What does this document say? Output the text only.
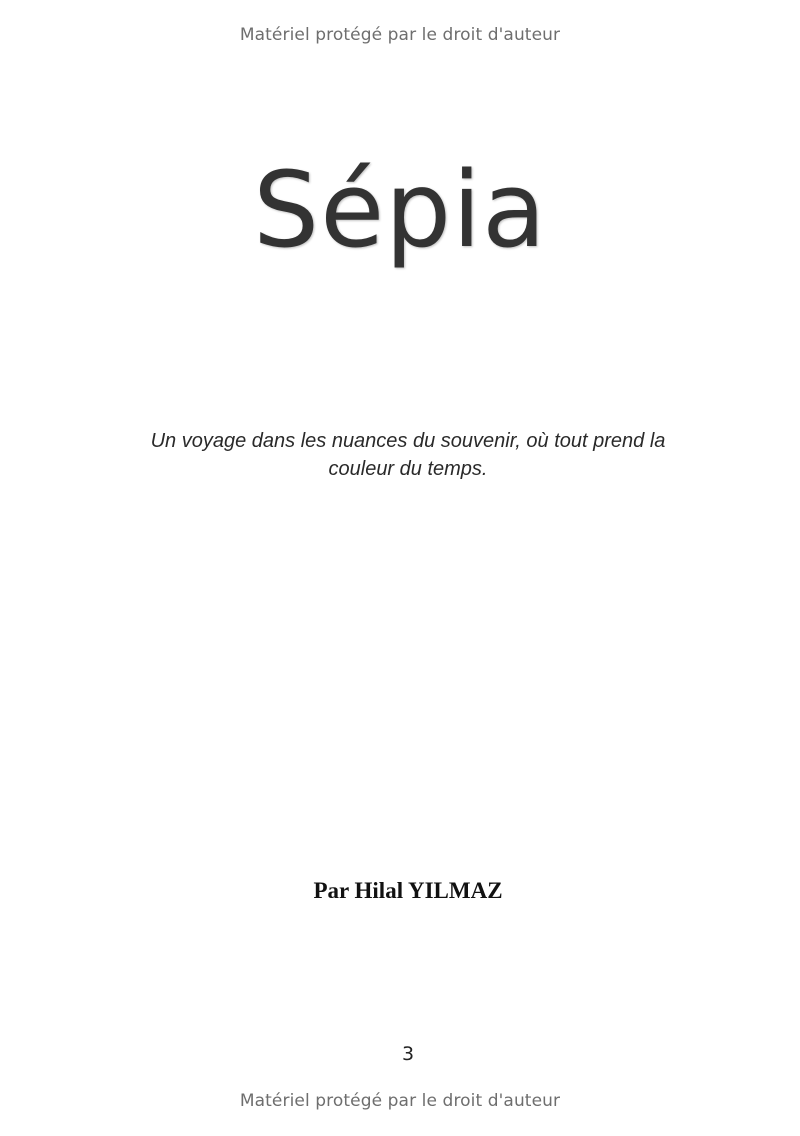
Matériel protégé par le droit d'auteur
Sépia

Un voyage dans les nuances du souvenir, où tout prend la couleur du temps.

Par Hilal YILMAZ

3
Matériel protégé par le droit d'auteur
